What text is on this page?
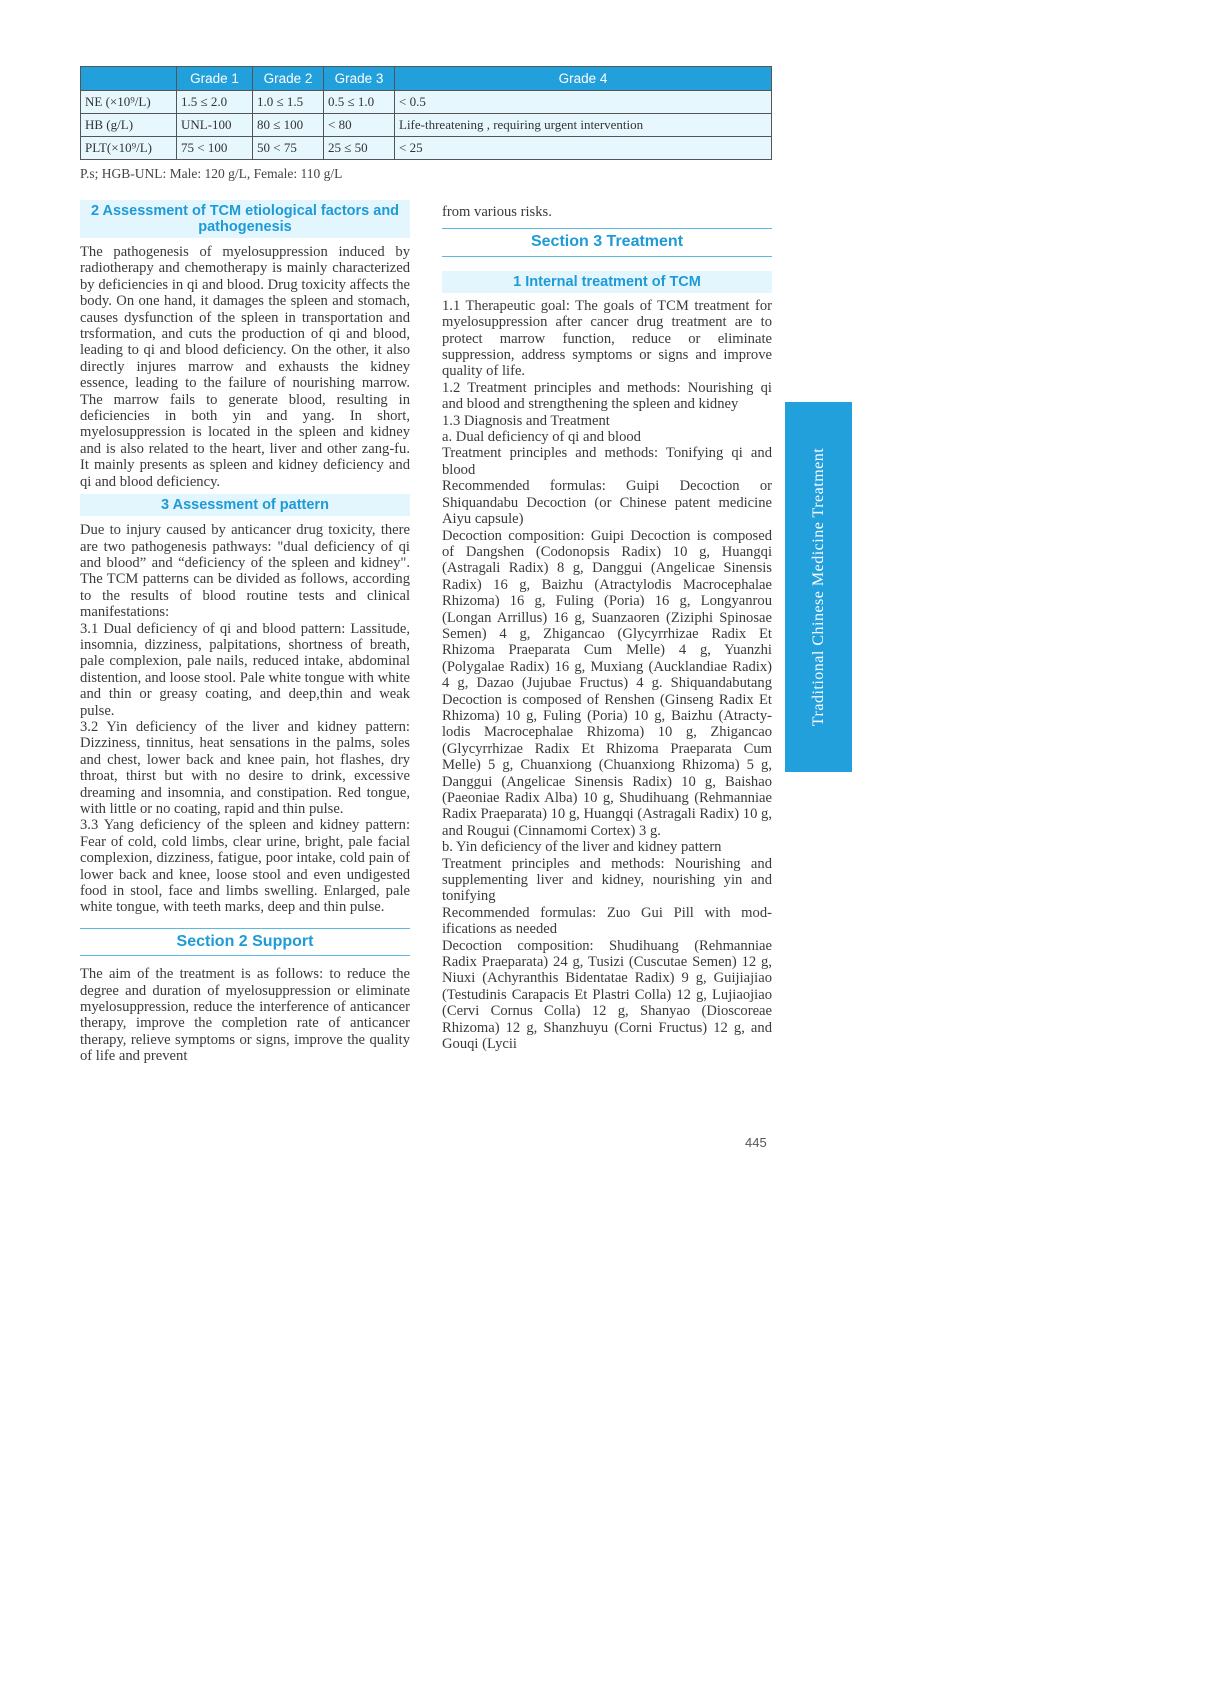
	Grade 1	Grade 2	Grade 3	Grade 4
NE (×10⁹/L)	1.5 ≤ 2.0	1.0 ≤ 1.5	0.5 ≤ 1.0	< 0.5
HB (g/L)	UNL-100	80 ≤ 100	< 80	Life-threatening , requiring urgent intervention
PLT(×10⁹/L)	75 < 100	50 < 75	25 ≤ 50	< 25
P.s; HGB-UNL: Male: 120 g/L, Female: 110 g/L
2 Assessment of TCM etiological factors and pathogenesis

The pathogenesis of myelosuppression induced by radiotherapy and chemotherapy is mainly characterized by deficiencies in qi and blood. Drug toxicity affects the body. On one hand, it damages the spleen and stomach, causes dysfunction of the spleen in transportation and trsformation, and cuts the production of qi and blood, leading to qi and blood deficiency. On the other, it also directly injures marrow and exhausts the kidney essence, leading to the failure of nourishing marrow. The marrow fails to generate blood, resulting in deficiencies in both yin and yang. In short, myelosuppression is located in the spleen and kidney and is also related to the heart, liver and other zang-fu. It mainly presents as spleen and kidney deficiency and qi and blood deficiency.

3 Assessment of pattern

Due to injury caused by anticancer drug toxicity, there are two pathogenesis pathways: "dual deficiency of qi and blood” and “deficiency of the spleen and kidney". The TCM patterns can be divided as follows, according to the results of blood routine tests and clinical manifestations:

3.1 Dual deficiency of qi and blood pattern: Lassitude, insomnia, dizziness, palpitations, shortness of breath, pale complexion, pale nails, reduced intake, abdominal distention, and loose stool. Pale white tongue with white and thin or greasy coating, and deep,thin and weak pulse.

3.2 Yin deficiency of the liver and kidney pattern: Dizziness, tinnitus, heat sensations in the palms, soles and chest, lower back and knee pain, hot flashes, dry throat, thirst but with no desire to drink, excessive dreaming and insomnia, and constipation. Red tongue, with little or no coating, rapid and thin pulse.

3.3 Yang deficiency of the spleen and kidney pattern: Fear of cold, cold limbs, clear urine, bright, pale facial complexion, dizziness, fatigue, poor intake, cold pain of lower back and knee, loose stool and even undigested food in stool, face and limbs swelling. Enlarged, pale white tongue, with teeth marks, deep and thin pulse.

Section 2 Support

The aim of the treatment is as follows: to reduce the degree and duration of myelosuppression or eliminate myelosuppression, reduce the interference of anticancer therapy, improve the completion rate of anticancer therapy, relieve symptoms or signs, improve the quality of life and prevent

from various risks.

Section 3 Treatment
1 Internal treatment of TCM

1.1 Therapeutic goal: The goals of TCM treatment for myelosuppression after cancer drug treatment are to protect marrow function, reduce or eliminate suppression, address symptoms or signs and improve quality of life.

1.2 Treatment principles and methods: Nourishing qi and blood and strengthening the spleen and kidney

1.3 Diagnosis and Treatment

a. Dual deficiency of qi and blood

Treatment principles and methods: Tonifying qi and blood

Recommended formulas: Guipi Decoction or Shiquandabu Decoction (or Chinese patent medicine Aiyu capsule)

Decoction composition: Guipi Decoction is composed of Dangshen (Codonopsis Radix) 10 g, Huangqi (Astragali Radix) 8 g, Danggui (Angelicae Sinensis Radix) 16 g, Baizhu (Atractylodis Macrocephalae Rhizoma) 16 g, Fuling (Poria) 16 g, Longyanrou (Longan Arrillus) 16 g, Suanzaoren (Ziziphi Spinosae Semen) 4 g, Zhigancao (Glycyrrhizae Radix Et Rhizoma Praeparata Cum Melle) 4 g, Yuanzhi (Polygalae Radix) 16 g, Muxiang (Aucklandiae Radix) 4 g, Dazao (Jujubae Fructus) 4 g. Shiquandabutang Decoction is composed of Renshen (Ginseng Radix Et Rhizoma) 10 g, Fuling (Poria) 10 g, Baizhu (Atractylodis Macrocephalae Rhizoma) 10 g, Zhigancao (Glycyrrhizae Radix Et Rhizoma Praeparata Cum Melle) 5 g, Chuanxiong (Chuanxiong Rhizoma) 5 g, Danggui (Angelicae Sinensis Radix) 10 g, Baishao (Paeoniae Radix Alba) 10 g, Shudihuang (Rehmanniae Radix Praeparata) 10 g, Huangqi (Astragali Radix) 10 g, and Rougui (Cinnamomi Cortex) 3 g.

b. Yin deficiency of the liver and kidney pattern

Treatment principles and methods: Nourishing and supplementing liver and kidney, nourishing yin and tonifying

Recommended formulas: Zuo Gui Pill with modifications as needed

Decoction composition: Shudihuang (Rehmanniae Radix Praeparata) 24 g, Tusizi (Cuscutae Semen) 12 g, Niuxi (Achyranthis Bidentatae Radix) 9 g, Guijiajiao (Testudinis Carapacis Et Plastri Colla) 12 g, Lujiaojiao (Cervi Cornus Colla) 12 g, Shanyao (Dioscoreae Rhizoma) 12 g, Shanzhuyu (Corni Fructus) 12 g, and Gouqi (Lycii

Traditional Chinese Medicine Treatment
445
